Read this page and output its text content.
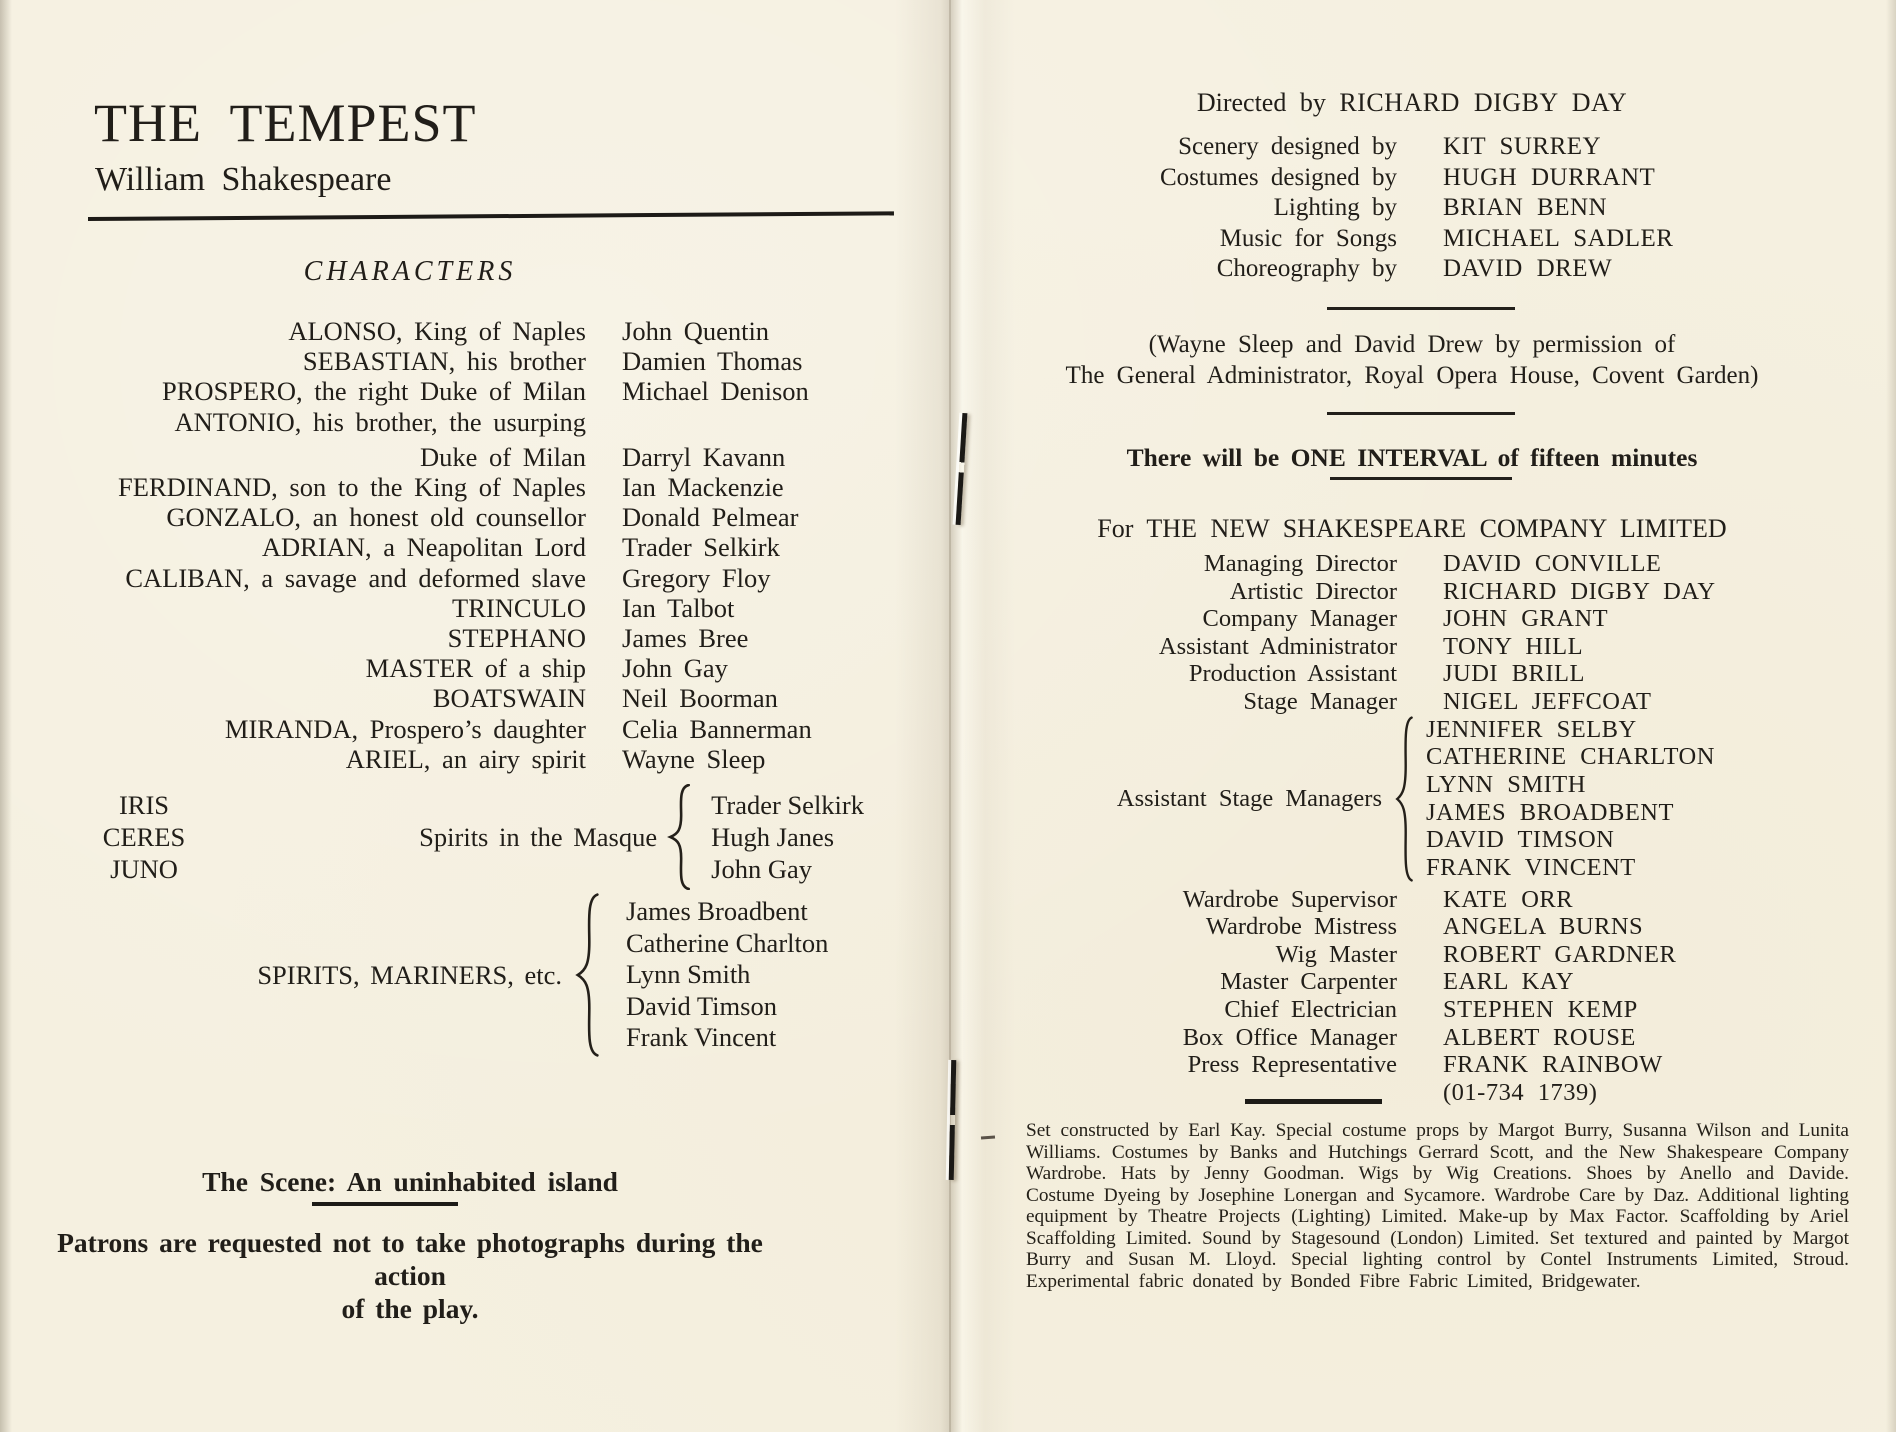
THE TEMPEST
William Shakespeare
CHARACTERS
ALONSO, King of Naples John Quentin
SEBASTIAN, his brother Damien Thomas
PROSPERO, the right Duke of Milan Michael Denison
ANTONIO, his brother, the usurping
Duke of Milan Darryl Kavann
FERDINAND, son to the King of Naples Ian Mackenzie
GONZALO, an honest old counsellor Donald Pelmear
ADRIAN, a Neapolitan Lord Trader Selkirk
CALIBAN, a savage and deformed slave Gregory Floy
TRINCULO Ian Talbot
STEPHANO James Bree
MASTER of a ship John Gay
BOATSWAIN Neil Boorman
MIRANDA, Prospero’s daughter Celia Bannerman
ARIEL, an airy spirit Wayne Sleep
IRIS
CERES
JUNO
Spirits in the Masque
Trader Selkirk
Hugh Janes
John Gay
SPIRITS, MARINERS, etc.
James Broadbent
Catherine Charlton
Lynn Smith
David Timson
Frank Vincent
The Scene: An uninhabited island
Patrons are requested not to take photographs during the action
of the play.
Directed by RICHARD DIGBY DAY
Scenery designed by KIT SURREY
Costumes designed by HUGH DURRANT
Lighting by BRIAN BENN
Music for Songs MICHAEL SADLER
Choreography by DAVID DREW
(Wayne Sleep and David Drew by permission of
The General Administrator, Royal Opera House, Covent Garden)
There will be ONE INTERVAL of fifteen minutes
For THE NEW SHAKESPEARE COMPANY LIMITED
Managing Director DAVID CONVILLE
Artistic Director RICHARD DIGBY DAY
Company Manager JOHN GRANT
Assistant Administrator TONY HILL
Production Assistant JUDI BRILL
Stage Manager NIGEL JEFFCOAT
Assistant Stage Managers
JENNIFER SELBY
CATHERINE CHARLTON
LYNN SMITH
JAMES BROADBENT
DAVID TIMSON
FRANK VINCENT
Wardrobe Supervisor KATE ORR
Wardrobe Mistress ANGELA BURNS
Wig Master ROBERT GARDNER
Master Carpenter EARL KAY
Chief Electrician STEPHEN KEMP
Box Office Manager ALBERT ROUSE
Press Representative FRANK RAINBOW
(01-734 1739)
Set constructed by Earl Kay. Special costume props by Margot Burry, Susanna Wilson and Lunita Williams. Costumes by Banks and Hutchings Gerrard Scott, and the New Shakespeare Company Wardrobe. Hats by Jenny Goodman. Wigs by Wig Creations. Shoes by Anello and Davide. Costume Dyeing by Josephine Lonergan and Sycamore. Wardrobe Care by Daz. Additional lighting equipment by Theatre Projects (Lighting) Limited. Make-up by Max Factor. Scaffolding by Ariel Scaffolding Limited. Sound by Stagesound (London) Limited. Set textured and painted by Margot Burry and Susan M. Lloyd. Special lighting control by Contel Instruments Limited, Stroud. Experimental fabric donated by Bonded Fibre Fabric Limited, Bridgewater.
